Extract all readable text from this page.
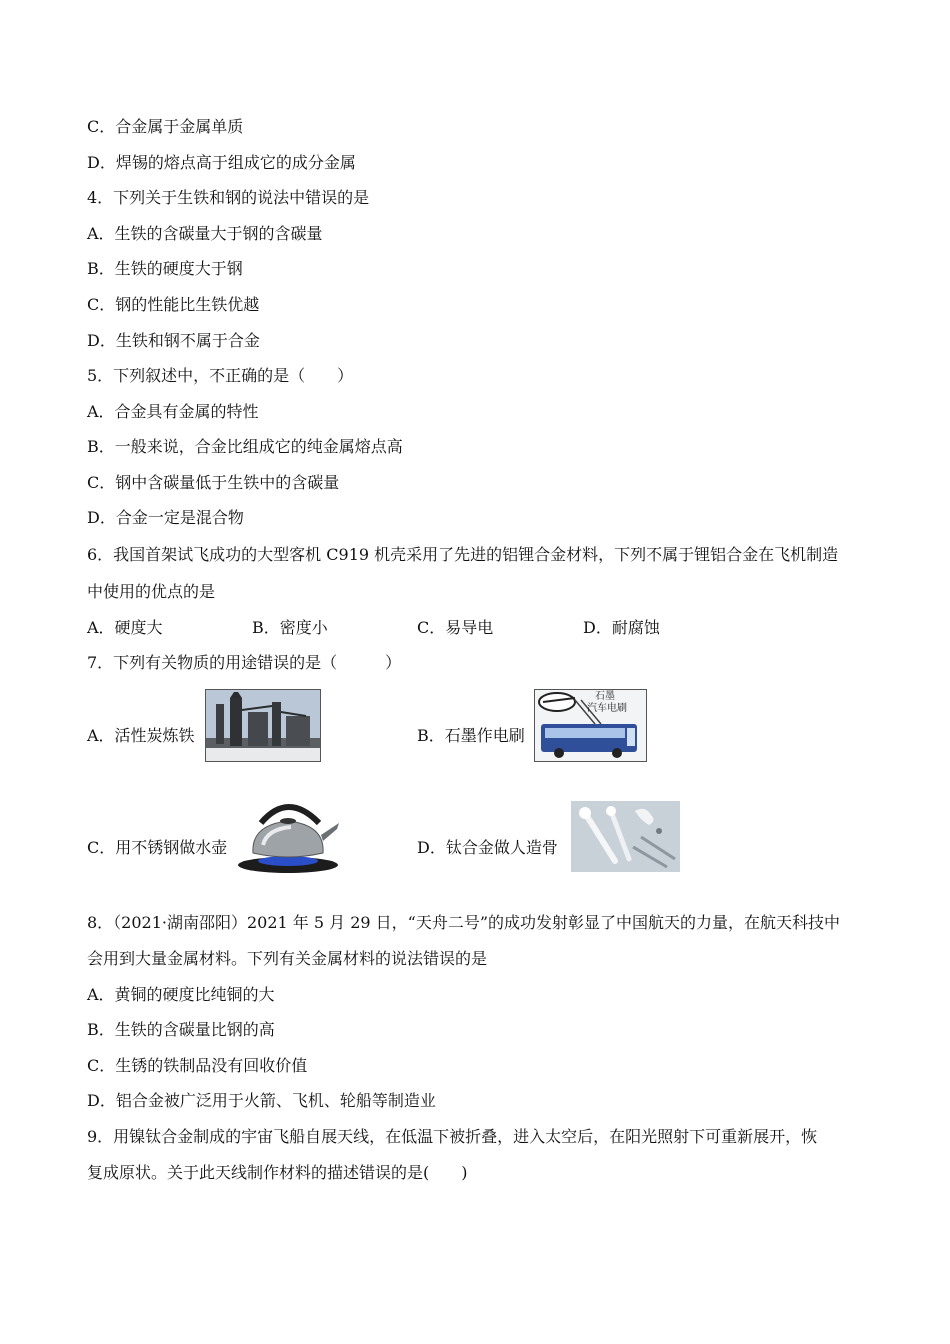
C．合金属于金属单质
D．焊锡的熔点高于组成它的成分金属
4．下列关于生铁和钢的说法中错误的是
A．生铁的含碳量大于钢的含碳量
B．生铁的硬度大于钢
C．钢的性能比生铁优越
D．生铁和钢不属于合金
5．下列叙述中，不正确的是（　　）
A．合金具有金属的特性
B．一般来说，合金比组成它的纯金属熔点高
C．钢中含碳量低于生铁中的含碳量
D．合金一定是混合物
6．我国首架试飞成功的大型客机 C919 机壳采用了先进的铝锂合金材料，下列不属于锂铝合金在飞机制造
中使用的优点的是
A．硬度大	B．密度小	C．易导电	D．耐腐蚀
7．下列有关物质的用途错误的是（　　　）
A．活性炭炼铁	B．石墨作电刷
石墨
汽车电刷
C．用不锈钢做水壶	D．钛合金做人造骨
8．（2021·湖南邵阳）2021 年 5 月 29 日，“天舟二号”的成功发射彰显了中国航天的力量，在航天科技中
会用到大量金属材料。下列有关金属材料的说法错误的是
A．黄铜的硬度比纯铜的大
B．生铁的含碳量比钢的高
C．生锈的铁制品没有回收价值
D．铝合金被广泛用于火箭、飞机、轮船等制造业
9．用镍钛合金制成的宇宙飞船自展天线，在低温下被折叠，进入太空后，在阳光照射下可重新展开，恢
复成原状。关于此天线制作材料的描述错误的是(　　)
